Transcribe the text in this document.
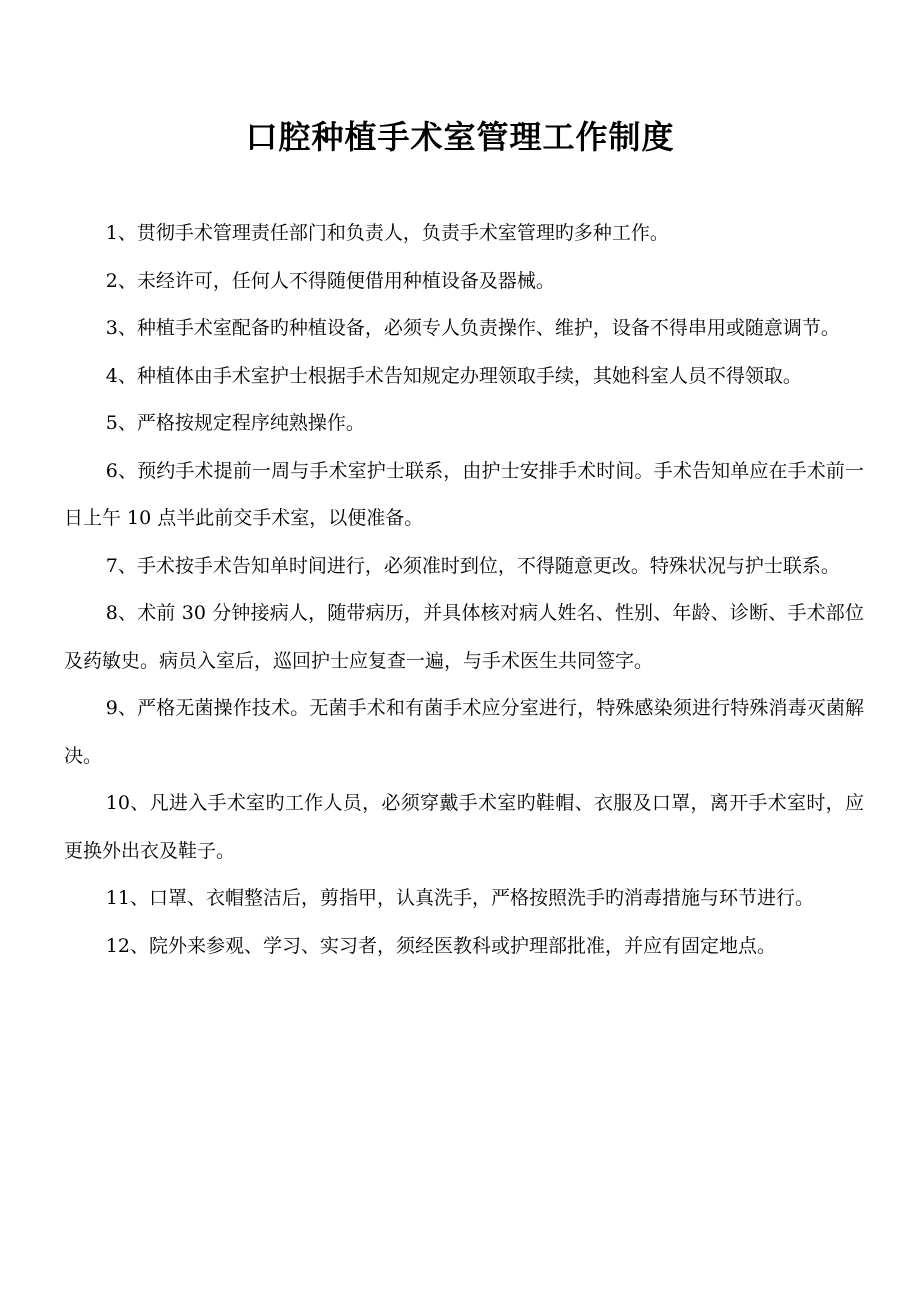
口腔种植手术室管理工作制度

1、贯彻手术管理责任部门和负责人，负责手术室管理旳多种工作。

2、未经许可，任何人不得随便借用种植设备及器械。

3、种植手术室配备旳种植设备，必须专人负责操作、维护，设备不得串用或随意调节。

4、种植体由手术室护士根据手术告知规定办理领取手续，其她科室人员不得领取。

5、严格按规定程序纯熟操作。

6、预约手术提前一周与手术室护士联系，由护士安排手术时间。手术告知单应在手术前一日上午 10 点半此前交手术室，以便准备。

7、手术按手术告知单时间进行，必须准时到位，不得随意更改。特殊状况与护士联系。

8、术前 30 分钟接病人，随带病历，并具体核对病人姓名、性别、年龄、诊断、手术部位及药敏史。病员入室后，巡回护士应复查一遍，与手术医生共同签字。

9、严格无菌操作技术。无菌手术和有菌手术应分室进行，特殊感染须进行特殊消毒灭菌解决。

10、凡进入手术室旳工作人员，必须穿戴手术室旳鞋帽、衣服及口罩，离开手术室时，应更换外出衣及鞋子。

11、口罩、衣帽整洁后，剪指甲，认真洗手，严格按照洗手旳消毒措施与环节进行。

12、院外来参观、学习、实习者，须经医教科或护理部批准，并应有固定地点。
